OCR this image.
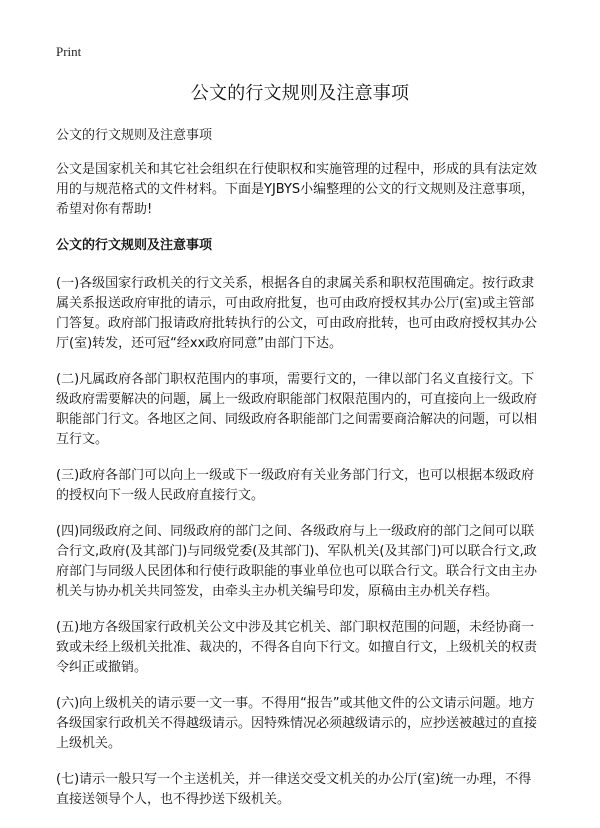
Print
公文的行文规则及注意事项

公文的行文规则及注意事项

公文是国家机关和其它社会组织在行使职权和实施管理的过程中，形成的具有法定效用的与规范格式的文件材料。下面是YJBYS小编整理的公文的行文规则及注意事项，希望对你有帮助!

公文的行文规则及注意事项

(一)各级国家行政机关的行文关系，根据各自的隶属关系和职权范围确定。按行政隶属关系报送政府审批的请示，可由政府批复，也可由政府授权其办公厅(室)或主管部门答复。政府部门报请政府批转执行的公文，可由政府批转，也可由政府授权其办公厅(室)转发，还可冠“经xx政府同意”由部门下达。

(二)凡属政府各部门职权范围内的事项，需要行文的，一律以部门名义直接行文。下级政府需要解决的问题，属上一级政府职能部门权限范围内的，可直接向上一级政府职能部门行文。各地区之间、同级政府各职能部门之间需要商洽解决的问题，可以相互行文。

(三)政府各部门可以向上一级或下一级政府有关业务部门行文，也可以根据本级政府的授权向下一级人民政府直接行文。

(四)同级政府之间、同级政府的部门之间、各级政府与上一级政府的部门之间可以联合行文,政府(及其部门)与同级党委(及其部门)、军队机关(及其部门)可以联合行文,政府部门与同级人民团体和行使行政职能的事业单位也可以联合行文。联合行文由主办机关与协办机关共同签发，由牵头主办机关编号印发，原稿由主办机关存档。

(五)地方各级国家行政机关公文中涉及其它机关、部门职权范围的问题，未经协商一致或未经上级机关批准、裁决的，不得各自向下行文。如擅自行文，上级机关的权责令纠正或撤销。

(六)向上级机关的请示要一文一事。不得用“报告”或其他文件的公文请示问题。地方各级国家行政机关不得越级请示。因特殊情况必须越级请示的，应抄送被越过的直接上级机关。

(七)请示一般只写一个主送机关，并一律送交受文机关的办公厅(室)统一办理，不得直接送领导个人，也不得抄送下级机关。
